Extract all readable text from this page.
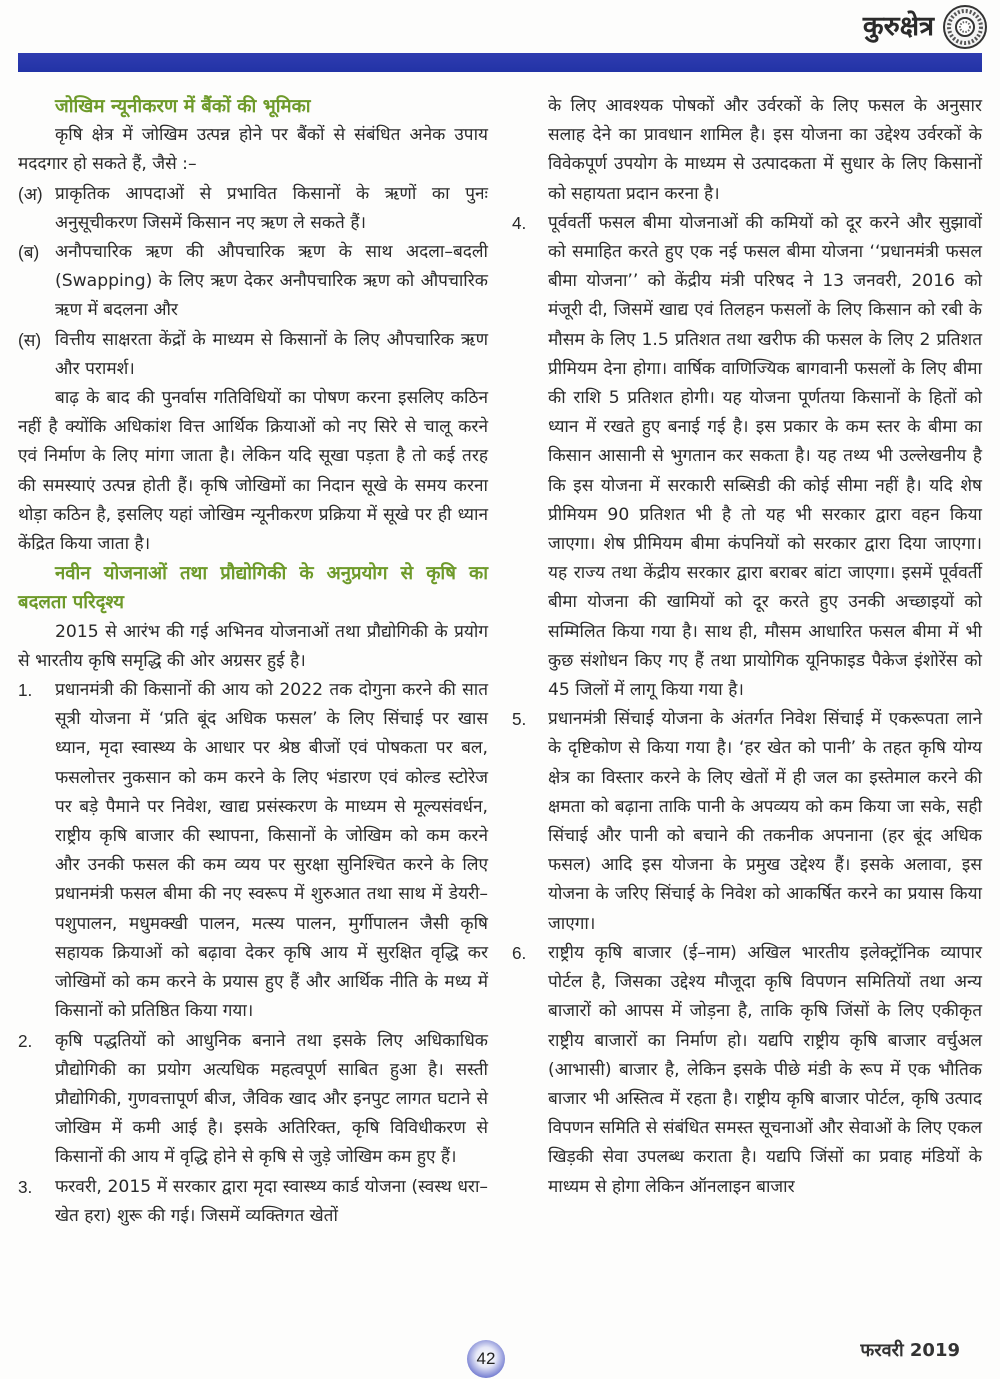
कुरुक्षेत्र

जोखिम न्यूनीकरण में बैंकों की भूमिका

कृषि क्षेत्र में जोखिम उत्पन्न होने पर बैंकों से संबंधित अनेक उपाय मददगार हो सकते हैं, जैसे :–

(अ) प्राकृतिक आपदाओं से प्रभावित किसानों के ऋणों का पुनः अनुसूचीकरण जिसमें किसान नए ऋण ले सकते हैं।

(ब) अनौपचारिक ऋण की औपचारिक ऋण के साथ अदला–बदली (Swapping) के लिए ऋण देकर अनौपचारिक ऋण को औपचारिक ऋण में बदलना और

(स) वित्तीय साक्षरता केंद्रों के माध्यम से किसानों के लिए औपचारिक ऋण और परामर्श।

बाढ़ के बाद की पुनर्वास गतिविधियों का पोषण करना इसलिए कठिन नहीं है क्योंकि अधिकांश वित्त आर्थिक क्रियाओं को नए सिरे से चालू करने एवं निर्माण के लिए मांगा जाता है। लेकिन यदि सूखा पड़ता है तो कई तरह की समस्याएं उत्पन्न होती हैं। कृषि जोखिमों का निदान सूखे के समय करना थोड़ा कठिन है, इसलिए यहां जोखिम न्यूनीकरण प्रक्रिया में सूखे पर ही ध्यान केंद्रित किया जाता है।

नवीन योजनाओं तथा प्रौद्योगिकी के अनुप्रयोग से कृषि का बदलता परिदृश्य

2015 से आरंभ की गई अभिनव योजनाओं तथा प्रौद्योगिकी के प्रयोग से भारतीय कृषि समृद्धि की ओर अग्रसर हुई है।

1. प्रधानमंत्री की किसानों की आय को 2022 तक दोगुना करने की सात सूत्री योजना में ‘प्रति बूंद अधिक फसल’ के लिए सिंचाई पर खास ध्यान, मृदा स्वास्थ्य के आधार पर श्रेष्ठ बीजों एवं पोषकता पर बल, फसलोत्तर नुकसान को कम करने के लिए भंडारण एवं कोल्ड स्टोरेज पर बड़े पैमाने पर निवेश, खाद्य प्रसंस्करण के माध्यम से मूल्यसंवर्धन, राष्ट्रीय कृषि बाजार की स्थापना, किसानों के जोखिम को कम करने और उनकी फसल की कम व्यय पर सुरक्षा सुनिश्चित करने के लिए प्रधानमंत्री फसल बीमा की नए स्वरूप में शुरुआत तथा साथ में डेयरी–पशुपालन, मधुमक्खी पालन, मत्स्य पालन, मुर्गीपालन जैसी कृषि सहायक क्रियाओं को बढ़ावा देकर कृषि आय में सुरक्षित वृद्धि कर जोखिमों को कम करने के प्रयास हुए हैं और आर्थिक नीति के मध्य में किसानों को प्रतिष्ठित किया गया।

2. कृषि पद्धतियों को आधुनिक बनाने तथा इसके लिए अधिकाधिक प्रौद्योगिकी का प्रयोग अत्यधिक महत्वपूर्ण साबित हुआ है। सस्ती प्रौद्योगिकी, गुणवत्तापूर्ण बीज, जैविक खाद और इनपुट लागत घटाने से जोखिम में कमी आई है। इसके अतिरिक्त, कृषि विविधीकरण से किसानों की आय में वृद्धि होने से कृषि से जुड़े जोखिम कम हुए हैं।

3. फरवरी, 2015 में सरकार द्वारा मृदा स्वास्थ्य कार्ड योजना (स्वस्थ धरा–खेत हरा) शुरू की गई। जिसमें व्यक्तिगत खेतों

के लिए आवश्यक पोषकों और उर्वरकों के लिए फसल के अनुसार सलाह देने का प्रावधान शामिल है। इस योजना का उद्देश्य उर्वरकों के विवेकपूर्ण उपयोग के माध्यम से उत्पादकता में सुधार के लिए किसानों को सहायता प्रदान करना है।

4. पूर्ववर्ती फसल बीमा योजनाओं की कमियों को दूर करने और सुझावों को समाहित करते हुए एक नई फसल बीमा योजना ‘‘प्रधानमंत्री फसल बीमा योजना’’ को केंद्रीय मंत्री परिषद ने 13 जनवरी, 2016 को मंजूरी दी, जिसमें खाद्य एवं तिलहन फसलों के लिए किसान को रबी के मौसम के लिए 1.5 प्रतिशत तथा खरीफ की फसल के लिए 2 प्रतिशत प्रीमियम देना होगा। वार्षिक वाणिज्यिक बागवानी फसलों के लिए बीमा की राशि 5 प्रतिशत होगी। यह योजना पूर्णतया किसानों के हितों को ध्यान में रखते हुए बनाई गई है। इस प्रकार के कम स्तर के बीमा का किसान आसानी से भुगतान कर सकता है। यह तथ्य भी उल्लेखनीय है कि इस योजना में सरकारी सब्सिडी की कोई सीमा नहीं है। यदि शेष प्रीमियम 90 प्रतिशत भी है तो यह भी सरकार द्वारा वहन किया जाएगा। शेष प्रीमियम बीमा कंपनियों को सरकार द्वारा दिया जाएगा। यह राज्य तथा केंद्रीय सरकार द्वारा बराबर बांटा जाएगा। इसमें पूर्ववर्ती बीमा योजना की खामियों को दूर करते हुए उनकी अच्छाइयों को सम्मिलित किया गया है। साथ ही, मौसम आधारित फसल बीमा में भी कुछ संशोधन किए गए हैं तथा प्रायोगिक यूनिफाइड पैकेज इंशोरेंस को 45 जिलों में लागू किया गया है।

5. प्रधानमंत्री सिंचाई योजना के अंतर्गत निवेश सिंचाई में एकरूपता लाने के दृष्टिकोण से किया गया है। ‘हर खेत को पानी’ के तहत कृषि योग्य क्षेत्र का विस्तार करने के लिए खेतों में ही जल का इस्तेमाल करने की क्षमता को बढ़ाना ताकि पानी के अपव्यय को कम किया जा सके, सही सिंचाई और पानी को बचाने की तकनीक अपनाना (हर बूंद अधिक फसल) आदि इस योजना के प्रमुख उद्देश्य हैं। इसके अलावा, इस योजना के जरिए सिंचाई के निवेश को आकर्षित करने का प्रयास किया जाएगा।

6. राष्ट्रीय कृषि बाजार (ई–नाम) अखिल भारतीय इलेक्ट्रॉनिक व्यापार पोर्टल है, जिसका उद्देश्य मौजूदा कृषि विपणन समितियों तथा अन्य बाजारों को आपस में जोड़ना है, ताकि कृषि जिंसों के लिए एकीकृत राष्ट्रीय बाजारों का निर्माण हो। यद्यपि राष्ट्रीय कृषि बाजार वर्चुअल (आभासी) बाजार है, लेकिन इसके पीछे मंडी के रूप में एक भौतिक बाजार भी अस्तित्व में रहता है। राष्ट्रीय कृषि बाजार पोर्टल, कृषि उत्पाद विपणन समिति से संबंधित समस्त सूचनाओं और सेवाओं के लिए एकल खिड़की सेवा उपलब्ध कराता है। यद्यपि जिंसों का प्रवाह मंडियों के माध्यम से होगा लेकिन ऑनलाइन बाजार

42	फरवरी 2019
